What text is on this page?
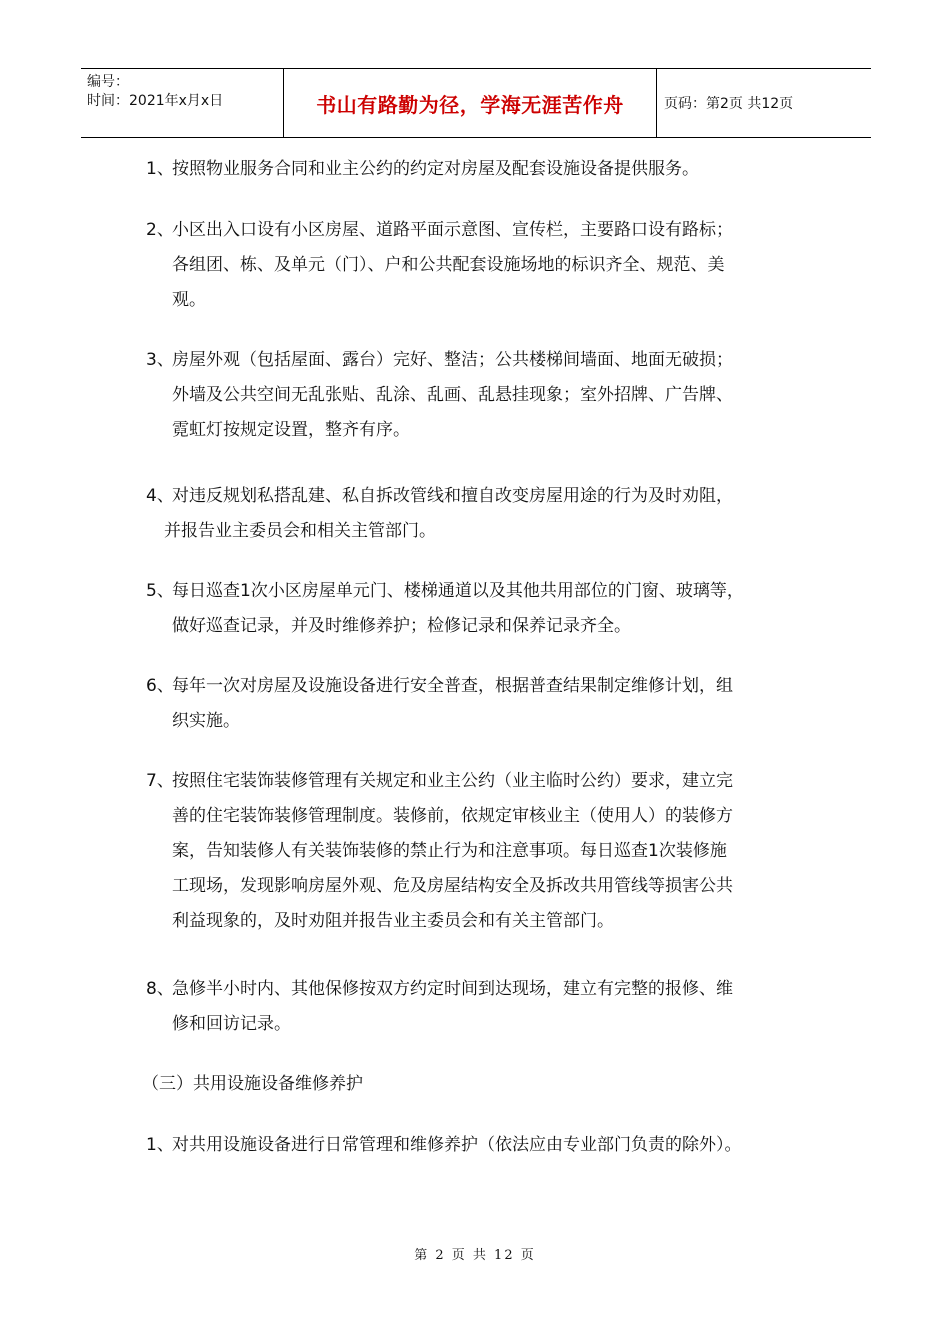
编号：
时间：2021年x月x日	书山有路勤为径，学海无涯苦作舟	页码：第2页 共12页
1、
按照物业服务合同和业主公约的约定对房屋及配套设施设备提供服务。
2、
小区出入口设有小区房屋、道路平面示意图、宣传栏，主要路口设有路标；
各组团、栋、及单元（门）、户和公共配套设施场地的标识齐全、规范、美
观。
3、
房屋外观（包括屋面、露台）完好、整洁；公共楼梯间墙面、地面无破损；
外墙及公共空间无乱张贴、乱涂、乱画、乱悬挂现象；室外招牌、广告牌、
霓虹灯按规定设置，整齐有序。
4、
对违反规划私搭乱建、私自拆改管线和擅自改变房屋用途的行为及时劝阻，
并报告业主委员会和相关主管部门。
5、
每日巡查1次小区房屋单元门、楼梯通道以及其他共用部位的门窗、玻璃等，
做好巡查记录，并及时维修养护；检修记录和保养记录齐全。
6、
每年一次对房屋及设施设备进行安全普查，根据普查结果制定维修计划，组
织实施。
7、
按照住宅装饰装修管理有关规定和业主公约（业主临时公约）要求，建立完
善的住宅装饰装修管理制度。装修前，依规定审核业主（使用人）的装修方
案，告知装修人有关装饰装修的禁止行为和注意事项。每日巡查1次装修施
工现场，发现影响房屋外观、危及房屋结构安全及拆改共用管线等损害公共
利益现象的，及时劝阻并报告业主委员会和有关主管部门。
8、
急修半小时内、其他保修按双方约定时间到达现场，建立有完整的报修、维
修和回访记录。
（三）共用设施设备维修养护
1、
对共用设施设备进行日常管理和维修养护（依法应由专业部门负责的除外）。
第 2 页 共 12 页
